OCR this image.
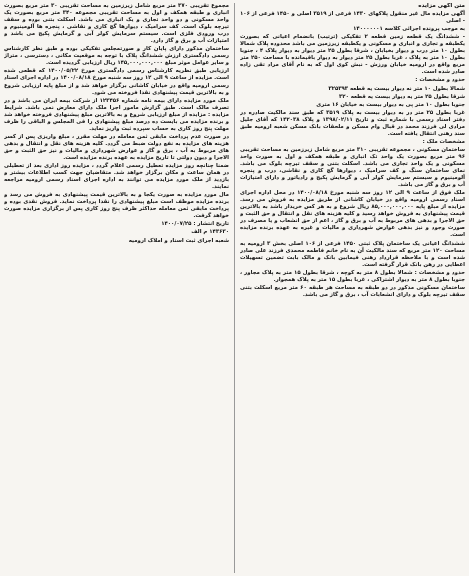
متن آگهی مزایده

آگهی مزایده مال غیر منقول پلاکهای ۱۴۳۰ فرعی از ۳۵۱۹ اصلی و ۱۴۵۰ فرعی از ۱۰۶ - اصلی

به موجب پرونده اجرائی کلاسه ۱۴۰۰۰۰۰۰۱

- ششدانگ یک قطعه زمین قطعه ۲ تفکیکی (ترتیب) بانضمام اعیانی که بصورت یکطبقه و تجاری و انباری و مسکونی و یکطبقه زیرزمین می باشد محدوده پلاک شمالا بطول ۱۰ متر درب و دیوار بخیابان ، شرقا بطول ۲۵ متر دیوار به دیوار پلاک ۴ ، جنوبا بطول ۱۰ متر به پلاک ، غربا بطول ۲۵ متر دیوار به دیوار باقیمانده با مساحت ۲۵۰ متر مربع واقع در ارومیه خیابان ورزش - نبش کوی اول که به نام آقای مراد تقی زاده صادر شده است.

حدود و مشخصات :

شمالا بطول ۱۰ متر نه دیوار بیست یه قطعه ۳۲۵۳۹۳

شرقا بطول ۲۵ متر یه دیوار بیست یه قطعه ۳۲۰

جنوبا بطول ۱۰ متر پی به دیوار بیست به خیابان ۱۶ متری

غربا بطول ۲۵ متر در به دیوار بیست به پلاک ۳۵۱۹ که طبق سند مالکیت صادره در دفتر اسناد رسمی با شماره ثبت و تاریخ ۱۳۹۸/۰۲/۱۱ و پلاک ۱۴۲۰۳۸ که آقای جلیل مرادی لی فرزند محمد در قبال وام مسکن و ملحقات بانک مسکن شعبه ارومیه طبق سند رهنی انتقال یافته است.

مشخصات ملک :

ساختمان مسکونی ، مجموعه تقریبی ۳۱۰ متر مربع شامل زیرزمین به مساحت تقریبی ۹۶ متر مربع بصورت یک واحد تک انباری و طبقه همکف و اول به صورت واحد مسکونی و یک واحد تجاری می باشد. اسکلت بتنی و سقف تیرچه بلوک می باشد. نمای ساختمان سنگ و کف سرامیک ، دیوارها گچ کاری و نقاشی، درب و پنجره آلومینیوم و سیستم سرمایش کولر آبی و گرمایش پکیج و رادیاتور و دارای امتیازات آب و برق و گاز می باشد.

ملک فوق از ساعت ۹ الی ۱۲ روز سه شنبه مورخ ۱۴۰۰/۰۸/۱۸ در محل اداره اجرای اسناد رسمی ارومیه واقع در خیابان کاشانی از طریق مزایده به فروش می رسد. مزایده از مبلغ پایه ۸۵,۰۰۰,۰۰۰,۰۰۰ ریال شروع و به هر کس خریدار باشد به بالاترین قیمت پیشنهادی به فروش خواهد رسید و کلیه هزینه های نقل و انتقال و حق الثبت و حق الاجرا و بدهی های مربوط به آب و برق و گاز ، اعم از حق انشعاب و یا مصرف در صورت وجود و نیز بدهی عوارض شهرداری و مالیات و غیره به عهده برنده مزایده است.

ششدانگ اعیانی یک ساختمان پلاک ثبتی ۱۴۵۰ فرعی از ۱۰۶ اصلی بخش ۳ ارومیه به مساحت ۱۲۰ متر مربع که سند مالکیت آن به نام خانم فاطمه محمدی فرزند علی صادر شده است و با ملاحظه قرارداد رهنی فیمابین بانک و مالک بابت تضمین تسهیلات اعطایی در رهن بانک قرار گرفته است.

حدود و مشخصات : شمالا بطول ۸ متر به کوچه ، شرقا بطول ۱۵ متر به پلاک مجاور ، جنوبا بطول ۸ متر به دیوار اشتراکی ، غربا بطول ۱۵ متر به پلاک همجوار.

ساختمان مسکونی مذکور در دو طبقه به مساحت هر طبقه ۶۰ متر مربع اسکلت بتنی سقف تیرچه بلوک و دارای انشعابات آب ، برق و گاز می باشد.

مجموع تقریبی ۳۷۰ متر مربع شامل زیرزمین به مساحت تقریبی ۳۰ متر مربع بصورت انباری و طبقه همکف و اول به مساحت تقریبی مجموعه ۳۴۰ متر مربع بصورت یک واحد مسکونی و دو واحد تجاری و یک انباری می باشد. اسکلت بتنی بوده و سقف تیرچه بلوک است. کف سرامیک ، دیوارها گچ کاری و نقاشی ، پنجره ها آلومینیوم و درب ورودی فلزی است. سیستم سرمایش کولر آبی و گرمایش پکیج می باشد و امتیازات آب و برق و گاز دارد.

ساختمان مذکور دارای پایان کار و صورتمجلس تفکیکی بوده و طبق نظر کارشناس رسمی دادگستری ارزش ششدانگ پلاک با توجه به موقعیت مکانی ، دسترسی ، متراژ و سایر عوامل موثر مبلغ ۱۴۵,۰۰۰,۰۰۰,۰۰۰ ریال ارزیابی گردیده است.

ارزیابی طبق نظریه کارشناس رسمی دادگستری مورخ ۱۴۰۰/۰۵/۲۲ که قطعی شده است. مزایده از ساعت ۹ الی ۱۲ روز سه شنبه مورخ ۱۴۰۰/۰۸/۱۸ در اداره اجرای اسناد رسمی ارومیه واقع در خیابان کاشانی برگزار خواهد شد و از مبلغ پایه ارزیابی شروع و به بالاترین قیمت پیشنهادی نقدا فروخته می شود.

ملک مورد مزایده دارای بیمه نامه شماره ۱۲۳۴۵۶ از شرکت بیمه ایران می باشد و در تصرف مالک است. طبق گزارش مامور اجرا ملک دارای معارض نمی باشد. شرایط مزایده : مزایده از مبلغ ارزیابی شروع و به بالاترین مبلغ پیشنهادی فروخته خواهد شد و برنده مزایده می بایست ده درصد مبلغ پیشنهادی را فی المجلس و الباقی را ظرف مهلت پنج روز کاری به حساب سپرده ثبت واریز نماید.

در صورت عدم پرداخت مابقی ثمن معامله در مهلت مقرر ، مبلغ واریزی پس از کسر هزینه های مزایده به نفع دولت ضبط می گردد. کلیه هزینه های نقل و انتقال و بدهی های مربوط به آب ، برق و گاز و عوارض شهرداری و مالیات و نیز حق الثبت و حق الاجرا و دیون دولتی تا تاریخ مزایده به عهده برنده مزایده است.

ضمنا چنانچه روز مزایده تعطیل رسمی اعلام گردد ، مزایده روز اداری بعد از تعطیلی در همان ساعت و مکان برگزار خواهد شد. متقاضیان جهت کسب اطلاعات بیشتر و بازدید از ملک مورد مزایده می توانند به اداره اجرای اسناد رسمی ارومیه مراجعه نمایند.

مال مورد مزایده به صورت یکجا و به بالاترین قیمت پیشنهادی به فروش می رسد و برنده مزایده موظف است مبلغ پیشنهادی را نقدا پرداخت نماید. فروش نقدی بوده و پرداخت مابقی ثمن معامله حداکثر ظرف پنج روز کاری پس از برگزاری مزایده صورت خواهد گرفت.

تاریخ انتشار : ۱۴۰۰/۰۷/۲۵

۱۴۳۶۳۰ م الف

شعبه اجرای ثبت اسناد و املاک ارومیه
